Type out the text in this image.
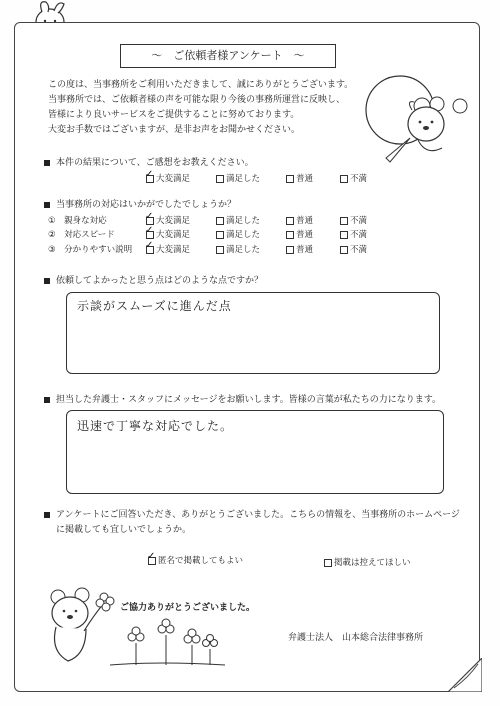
～　ご依頼者様アンケート　～
この度は、当事務所をご利用いただきまして、誠にありがとうございます。
当事務所では、ご依頼者様の声を可能な限り今後の事務所運営に反映し、
皆様により良いサービスをご提供することに努めております。
大変お手数ではございますが、是非お声をお聞かせください。
本件の結果について、ご感想をお教えください。
✓大変満足	満足した	普通	不満
当事務所の対応はいかがでしたでしょうか？
①　 親身な対応 ✓	大変満足	満足した	普通	不満
②　 対応スピード ✓	大変満足	満足した	普通	不満
③　 分かりやすい説明 ✓	大変満足	満足した	普通	不満
依頼してよかったと思う点はどのような点ですか？
示談がスムーズに進んだ点
担当した弁護士・スタッフにメッセージをお願いします。皆様の言葉が私たちの力になります。
迅速で丁寧な対応でした。
アンケートにご回答いただき、ありがとうございました。こちらの情報を、当事務所のホームページ
に掲載しても宜しいでしょうか。
✓匿名で掲載してもよい	掲載は控えてほしい
ご協力ありがとうございました。
弁護士法人　山本総合法律事務所
